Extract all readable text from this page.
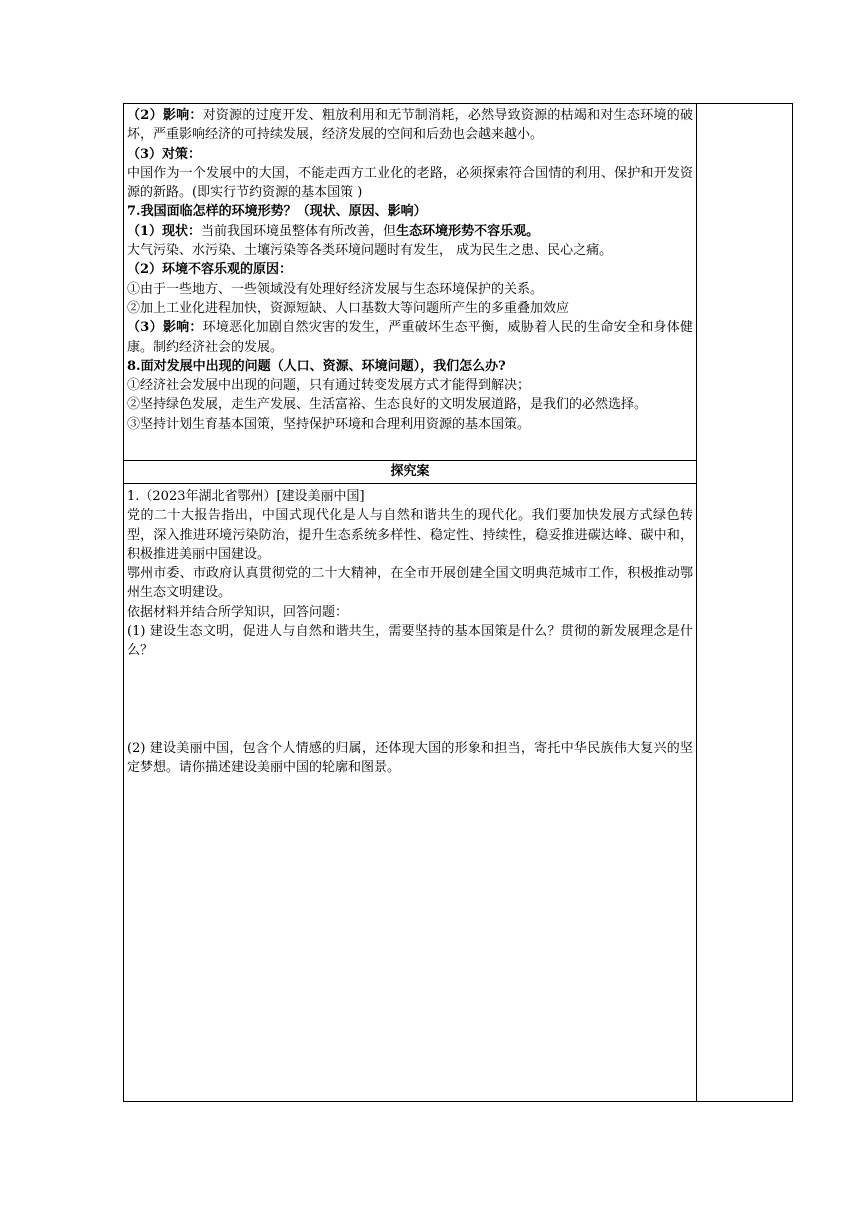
（2）影响：对资源的过度开发、粗放利用和无节制消耗，必然导致资源的枯竭和对生态环境的破坏，严重影响经济的可持续发展，经济发展的空间和后劲也会越来越小。

（3）对策：

中国作为一个发展中的大国，不能走西方工业化的老路，必须探索符合国情的利用、保护和开发资源的新路。(即实行节约资源的基本国策 )

7.我国面临怎样的环境形势？（现状、原因、影响）

（1）现状：当前我国环境虽整体有所改善，但生态环境形势不容乐观。

大气污染、水污染、土壤污染等各类环境问题时有发生， 成为民生之患、民心之痛。

（2）环境不容乐观的原因：

①由于一些地方、一些领域没有处理好经济发展与生态环境保护的关系。

②加上工业化进程加快，资源短缺、人口基数大等问题所产生的多重叠加效应

（3）影响：环境恶化加剧自然灾害的发生，严重破坏生态平衡，威胁着人民的生命安全和身体健康。制约经济社会的发展。

8.面对发展中出现的问题（人口、资源、环境问题），我们怎么办?

①经济社会发展中出现的问题，只有通过转变发展方式才能得到解决；

②坚持绿色发展，走生产发展、生活富裕、生态良好的文明发展道路，是我们的必然选择。

③坚持计划生育基本国策，坚持保护环境和合理利用资源的基本国策。

探究案

1.（2023年湖北省鄂州）[建设美丽中国]

党的二十大报告指出，中国式现代化是人与自然和谐共生的现代化。我们要加快发展方式绿色转型，深入推进环境污染防治，提升生态系统多样性、稳定性、持续性，稳妥推进碳达峰、碳中和，积极推进美丽中国建设。

鄂州市委、市政府认真贯彻党的二十大精神，在全市开展创建全国文明典范城市工作，积极推动鄂州生态文明建设。

依据材料并结合所学知识，回答问题：

(1) 建设生态文明，促进人与自然和谐共生，需要坚持的基本国策是什么？贯彻的新发展理念是什么？

(2) 建设美丽中国，包含个人情感的归属，还体现大国的形象和担当，寄托中华民族伟大复兴的坚定梦想。请你描述建设美丽中国的轮廓和图景。
